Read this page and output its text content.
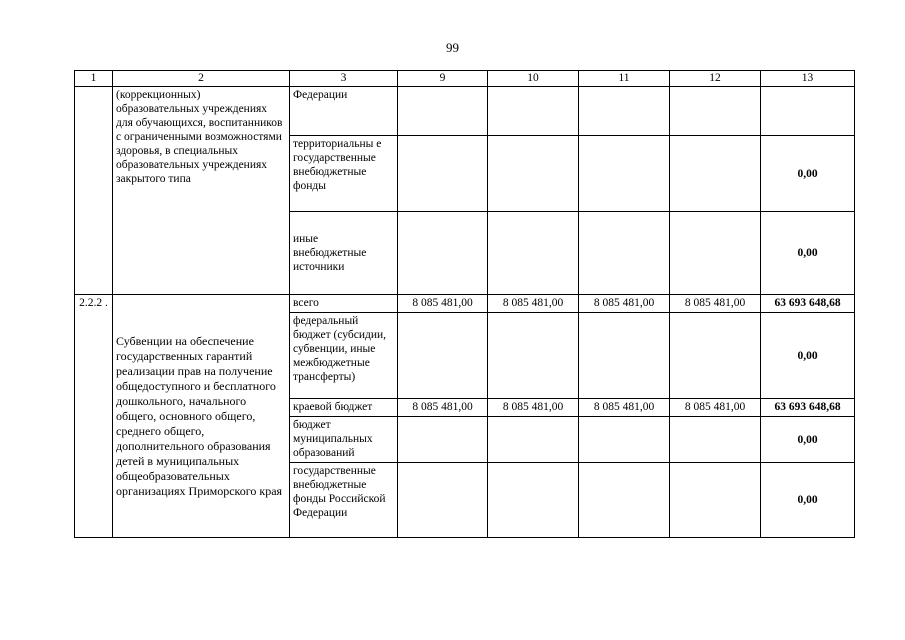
99
1	2	3	9	10	11	12	13
	(коррекционных) образовательных учреждениях для обучающихся, воспитанников с ограниченными возможностями здоровья, в специальных образовательных учреждениях закрытого типа	Федерации					
		территориальны е государственные внебюджетные фонды					0,00
		иные внебюджетные источники					0,00
2.2.2 .	Субвенции на обеспечение государственных гарантий реализации прав на получение общедоступного и бесплатного дошкольного, начального общего, основного общего, среднего общего, дополнительного образования детей в муниципальных общеобразовательных организациях Приморского края	всего	8 085 481,00	8 085 481,00	8 085 481,00	8 085 481,00	63 693 648,68
		федеральный бюджет (субсидии, субвенции, иные межбюджетные трансферты)					0,00
		краевой бюджет	8 085 481,00	8 085 481,00	8 085 481,00	8 085 481,00	63 693 648,68
		бюджет муниципальных образований					0,00
		государственные внебюджетные фонды Российской Федерации					0,00
